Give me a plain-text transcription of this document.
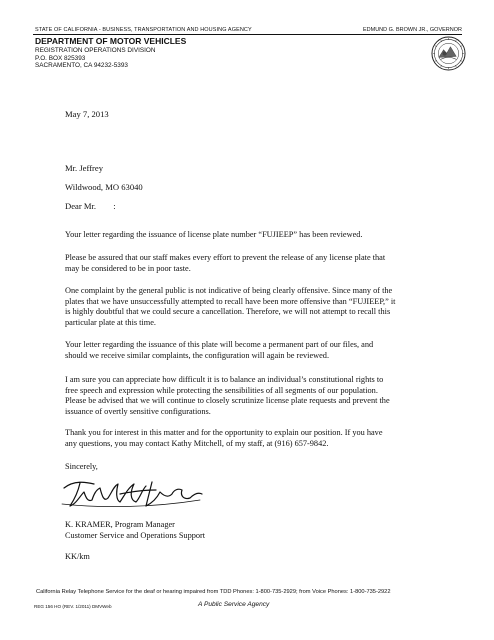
STATE OF CALIFORNIA - BUSINESS, TRANSPORTATION AND HOUSING AGENCY	EDMUND G. BROWN JR., GOVERNOR
DEPARTMENT OF MOTOR VEHICLES
REGISTRATION OPERATIONS DIVISION
P.O. BOX 825393
SACRAMENTO, CA 94232-5393
May 7, 2013
Mr. Jeffrey
Wildwood, MO 63040
Dear Mr.        :
Your letter regarding the issuance of license plate number “FUJIEEP” has been reviewed.
Please be assured that our staff makes every effort to prevent the release of any license plate that
may be considered to be in poor taste.
One complaint by the general public is not indicative of being clearly offensive. Since many of the
plates that we have unsuccessfully attempted to recall have been more offensive than “FUJIEEP,” it
is highly doubtful that we could secure a cancellation. Therefore, we will not attempt to recall this
particular plate at this time.
Your letter regarding the issuance of this plate will become a permanent part of our files, and
should we receive similar complaints, the configuration will again be reviewed.
I am sure you can appreciate how difficult it is to balance an individual’s constitutional rights to
free speech and expression while protecting the sensibilities of all segments of our population.
Please be advised that we will continue to closely scrutinize license plate requests and prevent the
issuance of overtly sensitive configurations.
Thank you for interest in this matter and for the opportunity to explain our position. If you have
any questions, you may contact Kathy Mitchell, of my staff, at (916) 657-9842.
Sincerely,
K. KRAMER, Program Manager
Customer Service and Operations Support
KK/km
California Relay Telephone Service for the deaf or hearing impaired from TDD Phones: 1-800-735-2929; from Voice Phones: 1-800-735-2922
REG 156 HO (REV. 1/2011) DMVWeb	A Public Service Agency
